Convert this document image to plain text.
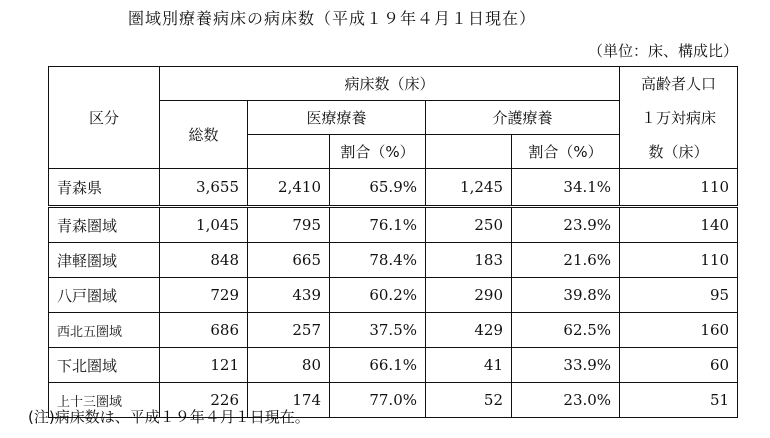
圏域別療養病床の病床数（平成１９年４月１日現在）
（単位：床、構成比）
区分	病床数（床）					高齢者人口
	総数	医療療養		介護療養		１万対病床
			割合（%）		割合（%）	数（床）
青森県	3,655	2,410	65.9%	1,245	34.1%	110
青森圏域	1,045	795	76.1%	250	23.9%	140
津軽圏域	848	665	78.4%	183	21.6%	110
八戸圏域	729	439	60.2%	290	39.8%	95
西北五圏域	686	257	37.5%	429	62.5%	160
下北圏域	121	80	66.1%	41	33.9%	60
上十三圏域	226	174	77.0%	52	23.0%	51
(注)病床数は、平成１９年４月１日現在。
